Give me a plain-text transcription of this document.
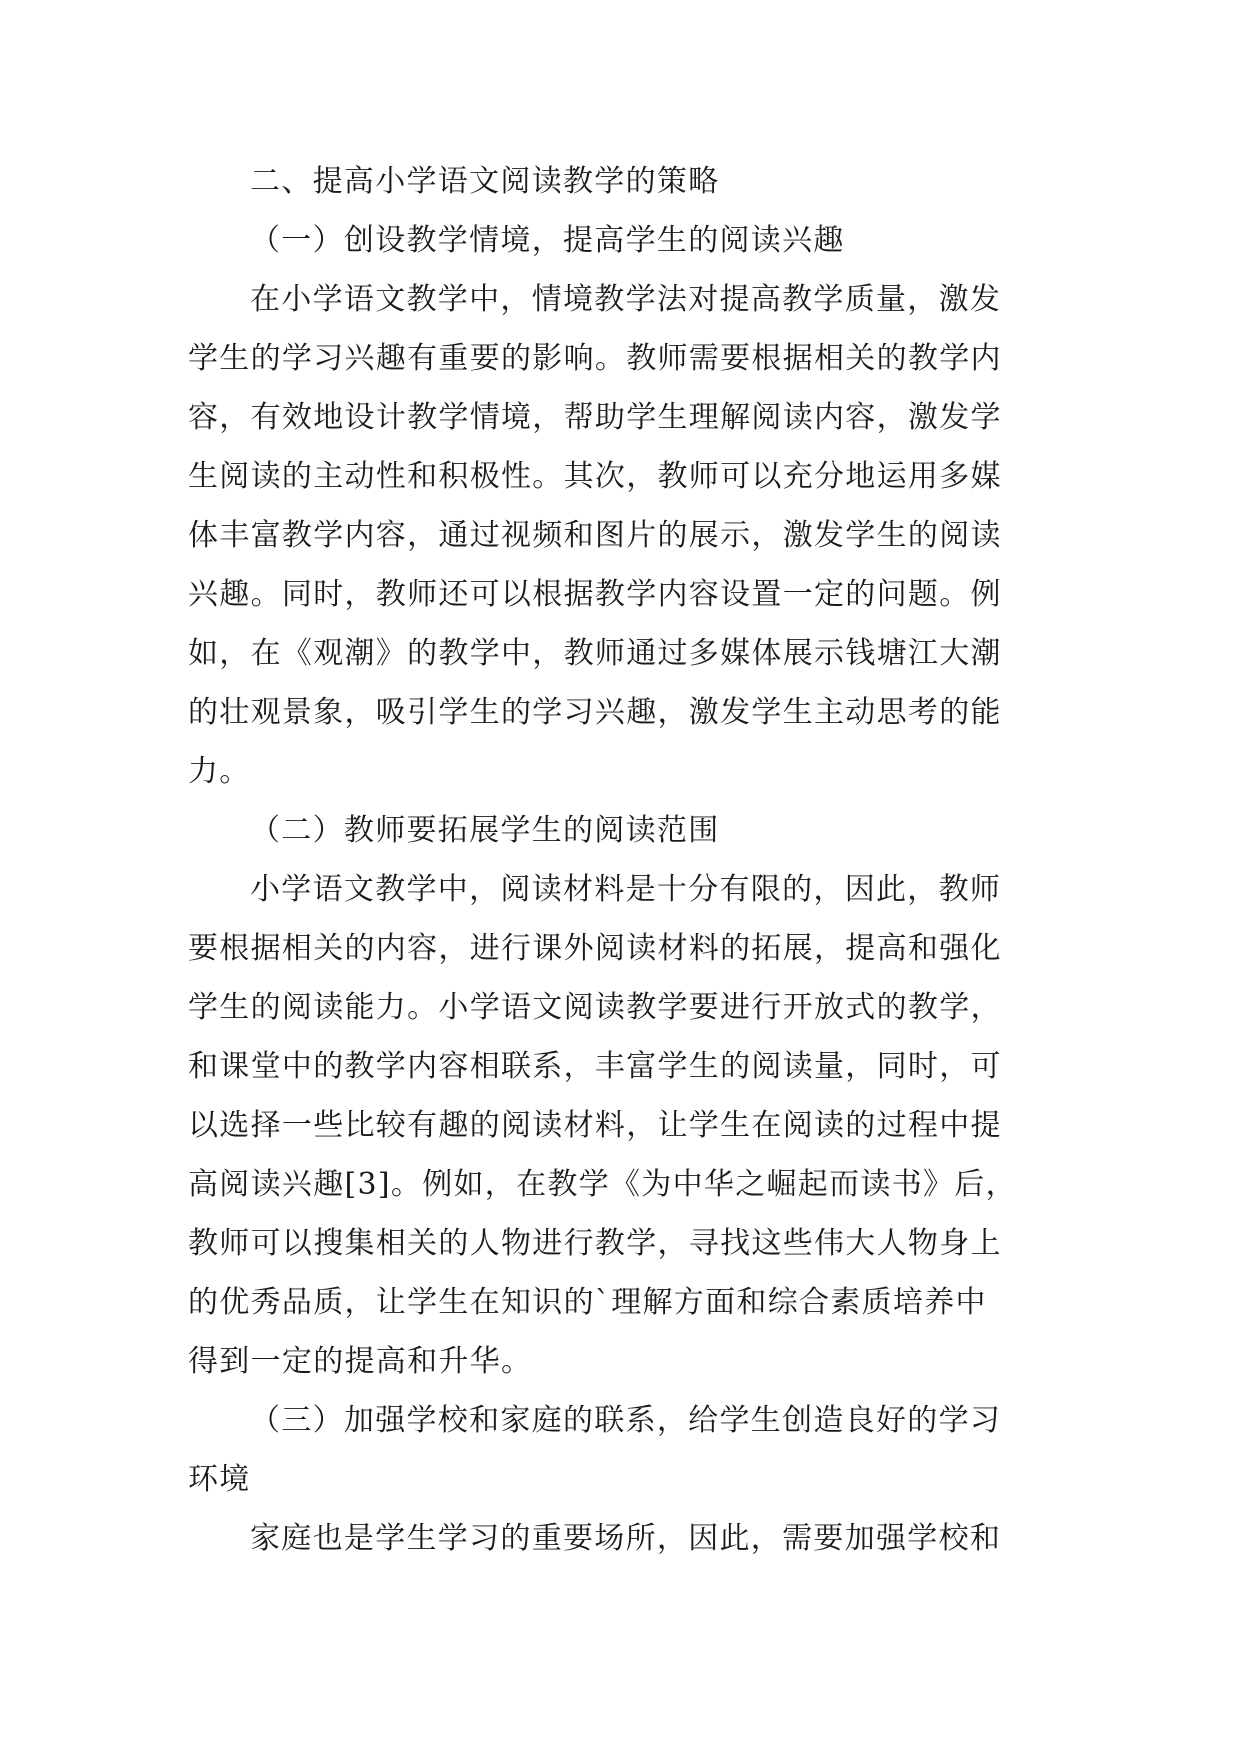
二、提高小学语文阅读教学的策略
（一）创设教学情境，提高学生的阅读兴趣
在小学语文教学中，情境教学法对提高教学质量，激发
学生的学习兴趣有重要的影响。教师需要根据相关的教学内
容，有效地设计教学情境，帮助学生理解阅读内容，激发学
生阅读的主动性和积极性。其次，教师可以充分地运用多媒
体丰富教学内容，通过视频和图片的展示，激发学生的阅读
兴趣。同时，教师还可以根据教学内容设置一定的问题。例
如，在《观潮》的教学中，教师通过多媒体展示钱塘江大潮
的壮观景象，吸引学生的学习兴趣，激发学生主动思考的能
力。
（二）教师要拓展学生的阅读范围
小学语文教学中，阅读材料是十分有限的，因此，教师
要根据相关的内容，进行课外阅读材料的拓展，提高和强化
学生的阅读能力。小学语文阅读教学要进行开放式的教学，
和课堂中的教学内容相联系，丰富学生的阅读量，同时，可
以选择一些比较有趣的阅读材料，让学生在阅读的过程中提
高阅读兴趣[3]。例如，在教学《为中华之崛起而读书》后，
教师可以搜集相关的人物进行教学，寻找这些伟大人物身上
的优秀品质，让学生在知识的`理解方面和综合素质培养中
得到一定的提高和升华。
（三）加强学校和家庭的联系，给学生创造良好的学习
环境
家庭也是学生学习的重要场所，因此，需要加强学校和
